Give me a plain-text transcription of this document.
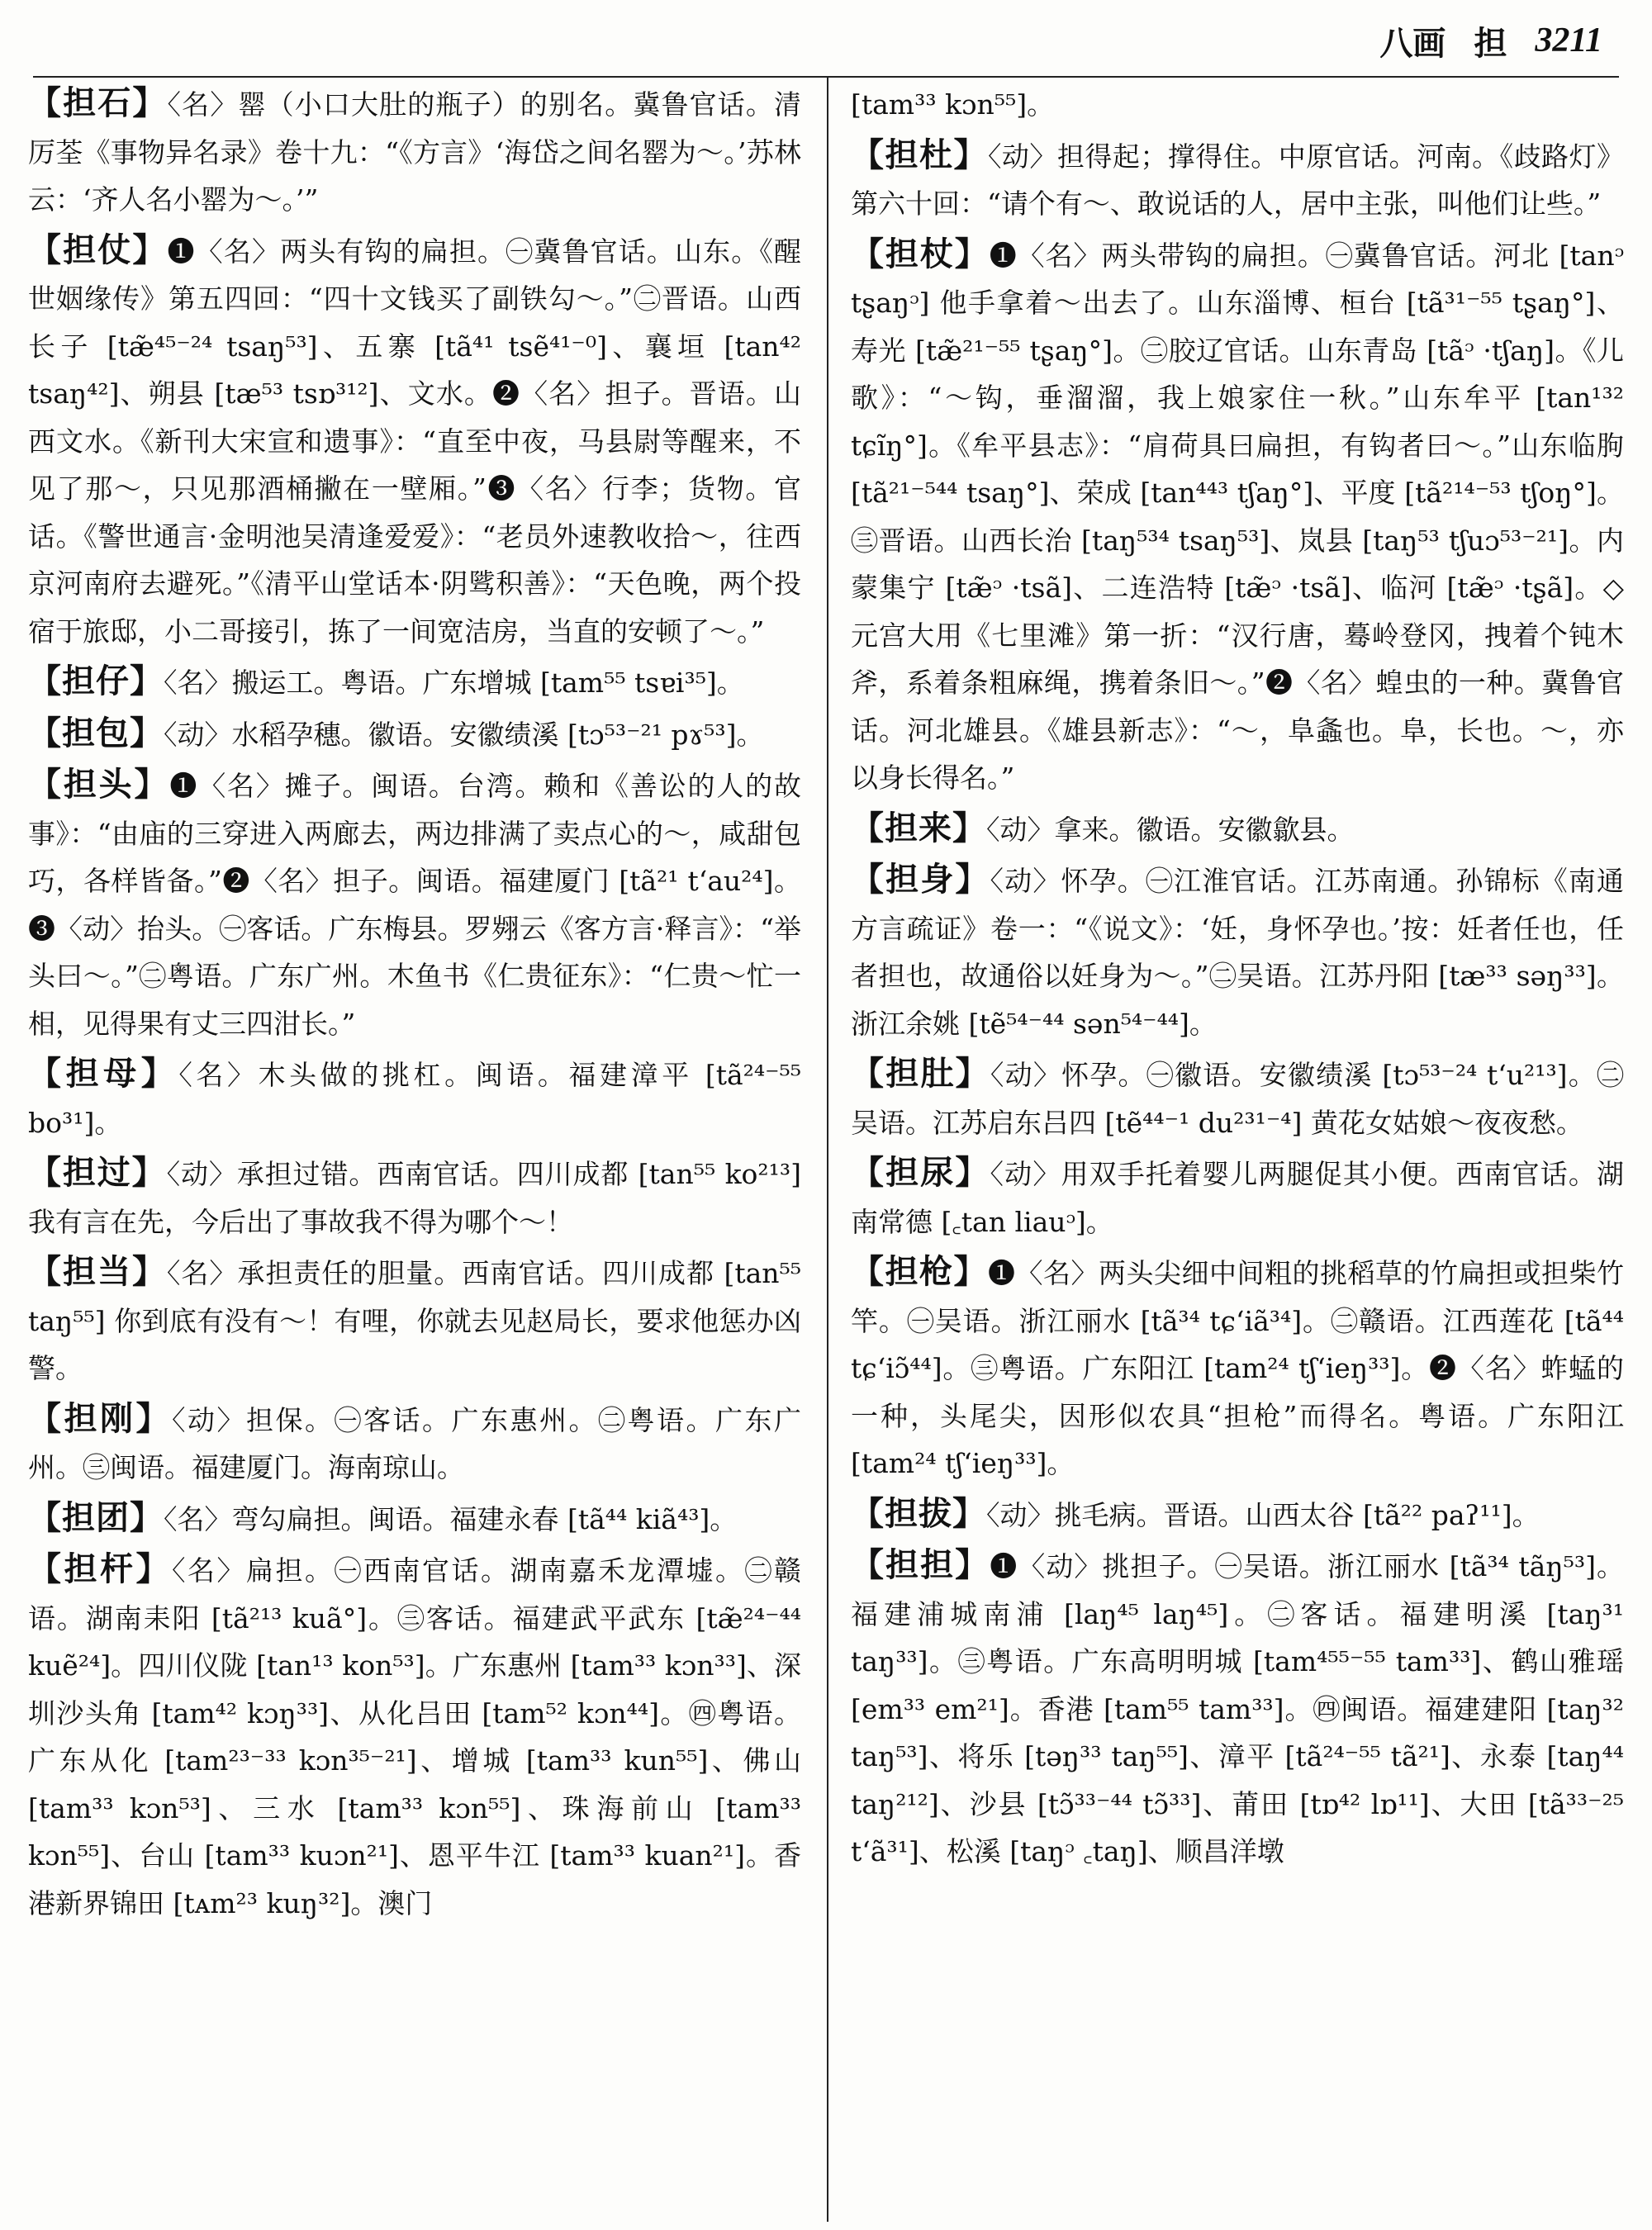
八画 担 3211

【担石】〈名〉罂（小口大肚的瓶子）的别名。冀鲁官话。清厉荃《事物异名录》卷十九：“《方言》‘海岱之间名罂为～。’苏林云：‘齐人名小罂为～。’”

【担仗】❶〈名〉两头有钩的扁担。㊀冀鲁官话。山东。《醒世姻缘传》第五四回：“四十文钱买了副铁勾～。”㊁晋语。山西长子 [tæ̃⁴⁵⁻²⁴ tsaŋ⁵³]、五寨 [tã⁴¹ tsẽ⁴¹⁻⁰]、襄垣 [tan⁴² tsaŋ⁴²]、朔县 [tæ⁵³ tsɒ³¹²]、文水。❷〈名〉担子。晋语。山西文水。《新刊大宋宣和遗事》：“直至中夜，马县尉等醒来，不见了那～，只见那酒桶撇在一壁厢。”❸〈名〉行李；货物。官话。《警世通言·金明池吴清逢爱爱》：“老员外速教收拾～，往西京河南府去避死。”《清平山堂话本·阴骘积善》：“天色晚，两个投宿于旅邸，小二哥接引，拣了一间宽洁房，当直的安顿了～。”

【担仔】〈名〉搬运工。粤语。广东增城 [tam⁵⁵ tsɐi³⁵]。

【担包】〈动〉水稻孕穗。徽语。安徽绩溪 [tɔ⁵³⁻²¹ pɤ⁵³]。

【担头】❶〈名〉摊子。闽语。台湾。赖和《善讼的人的故事》：“由庙的三穿进入两廊去，两边排满了卖点心的～，咸甜包巧，各样皆备。”❷〈名〉担子。闽语。福建厦门 [tã²¹ tʻau²⁴]。❸〈动〉抬头。㊀客话。广东梅县。罗翙云《客方言·释言》：“举头曰～。”㊁粤语。广东广州。木鱼书《仁贵征东》：“仁贵～忙一相，见得果有丈三四泔长。”

【担母】〈名〉木头做的挑杠。闽语。福建漳平 [tã²⁴⁻⁵⁵ bo³¹]。

【担过】〈动〉承担过错。西南官话。四川成都 [tan⁵⁵ ko²¹³] 我有言在先，今后出了事故我不得为哪个～！

【担当】〈名〉承担责任的胆量。西南官话。四川成都 [tan⁵⁵ taŋ⁵⁵] 你到底有没有～！有哩，你就去见赵局长，要求他惩办凶警。

【担刚】〈动〉担保。㊀客话。广东惠州。㊁粤语。广东广州。㊂闽语。福建厦门。海南琼山。

【担团】〈名〉弯勾扁担。闽语。福建永春 [tã⁴⁴ kiã⁴³]。

【担杆】〈名〉扁担。㊀西南官话。湖南嘉禾龙潭墟。㊁赣语。湖南耒阳 [tã²¹³ kuã°]。㊂客话。福建武平武东 [tæ̃²⁴⁻⁴⁴ kuẽ²⁴]。四川仪陇 [tan¹³ kon⁵³]。广东惠州 [tam³³ kɔn³³]、深圳沙头角 [tam⁴² kɔŋ³³]、从化吕田 [tam⁵² kɔn⁴⁴]。㊃粤语。广东从化 [tam²³⁻³³ kɔn³⁵⁻²¹]、增城 [tam³³ kun⁵⁵]、佛山 [tam³³ kɔn⁵³]、三水 [tam³³ kɔn⁵⁵]、珠海前山 [tam³³ kɔn⁵⁵]、台山 [tam³³ kuɔn²¹]、恩平牛江 [tam³³ kuan²¹]。香港新界锦田 [tᴀm²³ kuŋ³²]。澳门

[tam³³ kɔn⁵⁵]。

【担杜】〈动〉担得起；撑得住。中原官话。河南。《歧路灯》第六十回：“请个有～、敢说话的人，居中主张，叫他们让些。”

【担杖】❶〈名〉两头带钩的扁担。㊀冀鲁官话。河北 [tanᵓ tʂaŋᵓ] 他手拿着～出去了。山东淄博、桓台 [tã³¹⁻⁵⁵ tʂaŋ°]、寿光 [tæ̃²¹⁻⁵⁵ tʂaŋ°]。㊁胶辽官话。山东青岛 [tãᵓ ·tʃaŋ]。《儿歌》：“～钩，垂溜溜，我上娘家住一秋。”山东牟平 [tan¹³² tɕĩŋ°]。《牟平县志》：“肩荷具曰扁担，有钩者曰～。”山东临朐 [tã²¹⁻⁵⁴⁴ tsaŋ°]、荣成 [tan⁴⁴³ tʃaŋ°]、平度 [tã²¹⁴⁻⁵³ tʃoŋ°]。㊂晋语。山西长治 [taŋ⁵³⁴ tsaŋ⁵³]、岚县 [taŋ⁵³ tʃuɔ⁵³⁻²¹]。内蒙集宁 [tæ̃ᵓ ·tsã]、二连浩特 [tæ̃ᵓ ·tsã]、临河 [tæ̃ᵓ ·tʂã]。◇元宫大用《七里滩》第一折：“汉行唐，蓦岭登冈，拽着个钝木斧，系着条粗麻绳，携着条旧～。”❷〈名〉蝗虫的一种。冀鲁官话。河北雄县。《雄县新志》：“～，阜螽也。阜，长也。～，亦以身长得名。”

【担来】〈动〉拿来。徽语。安徽歙县。

【担身】〈动〉怀孕。㊀江淮官话。江苏南通。孙锦标《南通方言疏证》卷一：“《说文》：‘妊，身怀孕也。’按：妊者任也，任者担也，故通俗以妊身为～。”㊁吴语。江苏丹阳 [tæ³³ səŋ³³]。浙江余姚 [tẽ⁵⁴⁻⁴⁴ sən⁵⁴⁻⁴⁴]。

【担肚】〈动〉怀孕。㊀徽语。安徽绩溪 [tɔ⁵³⁻²⁴ tʻu²¹³]。㊁吴语。江苏启东吕四 [tẽ⁴⁴⁻¹ du²³¹⁻⁴] 黄花女姑娘～夜夜愁。

【担尿】〈动〉用双手托着婴儿两腿促其小便。西南官话。湖南常德 [꜀tan liauᵓ]。

【担枪】❶〈名〉两头尖细中间粗的挑稻草的竹扁担或担柴竹竿。㊀吴语。浙江丽水 [tã³⁴ tɕʻiã³⁴]。㊁赣语。江西莲花 [tã⁴⁴ tɕʻiɔ̃⁴⁴]。㊂粤语。广东阳江 [tam²⁴ tʃʻieŋ³³]。❷〈名〉蚱蜢的一种，头尾尖，因形似农具“担枪”而得名。粤语。广东阳江 [tam²⁴ tʃʻieŋ³³]。

【担拔】〈动〉挑毛病。晋语。山西太谷 [tã²² paʔ¹¹]。

【担担】❶〈动〉挑担子。㊀吴语。浙江丽水 [tã³⁴ tãŋ⁵³]。福建浦城南浦 [laŋ⁴⁵ laŋ⁴⁵]。㊁客话。福建明溪 [taŋ³¹ taŋ³³]。㊂粤语。广东高明明城 [tam⁴⁵⁵⁻⁵⁵ tam³³]、鹤山雅瑶 [em³³ em²¹]。香港 [tam⁵⁵ tam³³]。㊃闽语。福建建阳 [taŋ³² taŋ⁵³]、将乐 [təŋ³³ taŋ⁵⁵]、漳平 [tã²⁴⁻⁵⁵ tã²¹]、永泰 [taŋ⁴⁴ taŋ²¹²]、沙县 [tɔ̃³³⁻⁴⁴ tɔ̃³³]、莆田 [tɒ⁴² lɒ¹¹]、大田 [tã³³⁻²⁵ tʻã³¹]、松溪 [taŋᵓ ꜀taŋ]、顺昌洋墩
